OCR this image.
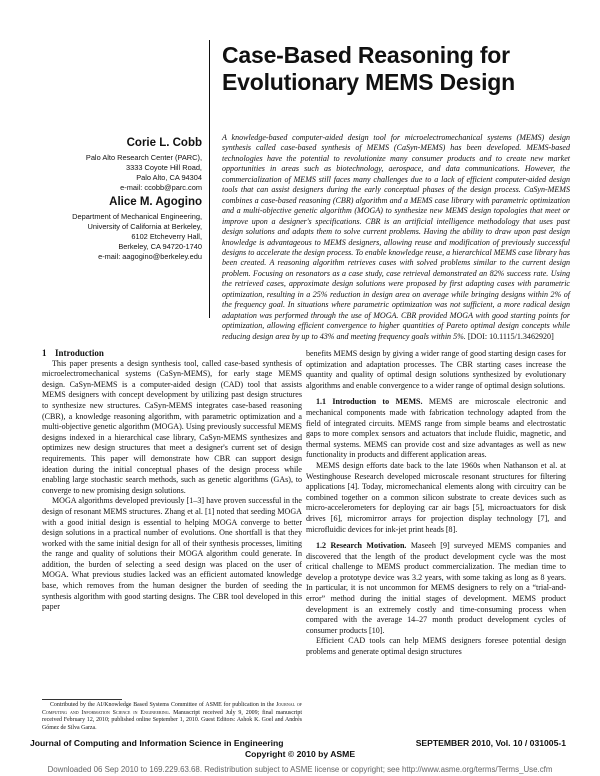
Case-Based Reasoning for
Evolutionary MEMS Design
Corie L. Cobb
Palo Alto Research Center (PARC),
3333 Coyote Hill Road,
Palo Alto, CA 94304
e-mail: ccobb@parc.com
Alice M. Agogino
Department of Mechanical Engineering,
University of California at Berkeley,
6102 Etcheverry Hall,
Berkeley, CA 94720-1740
e-mail: aagogino@berkeley.edu
A knowledge-based computer-aided design tool for microelectromechanical systems (MEMS) design synthesis called case-based synthesis of MEMS (CaSyn-MEMS) has been developed. MEMS-based technologies have the potential to revolutionize many consumer products and to create new market opportunities in areas such as biotechnology, aerospace, and data communications. However, the commercialization of MEMS still faces many challenges due to a lack of efficient computer-aided design tools that can assist designers during the early conceptual phases of the design process. CaSyn-MEMS combines a case-based reasoning (CBR) algorithm and a MEMS case library with parametric optimization and a multi-objective genetic algorithm (MOGA) to synthesize new MEMS design topologies that meet or improve upon a designer's specifications. CBR is an artificial intelligence methodology that uses past design solutions and adapts them to solve current problems. Having the ability to draw upon past design knowledge is advantageous to MEMS designers, allowing reuse and modification of previously successful designs to accelerate the design process. To enable knowledge reuse, a hierarchical MEMS case library has been created. A reasoning algorithm retrieves cases with solved problems similar to the current design problem. Focusing on resonators as a case study, case retrieval demonstrated an 82% success rate. Using the retrieved cases, approximate design solutions were proposed by first adapting cases with parametric optimization, resulting in a 25% reduction in design area on average while bringing designs within 2% of the frequency goal. In situations where parametric optimization was not sufficient, a more radical design adaptation was performed through the use of MOGA. CBR provided MOGA with good starting points for optimization, allowing efficient convergence to higher quantities of Pareto optimal design concepts while reducing design area by up to 43% and meeting frequency goals within 5%. [DOI: 10.1115/1.3462920]

1 Introduction

This paper presents a design synthesis tool, called case-based synthesis of microelectromechanical systems (CaSyn-MEMS), for early stage MEMS design. CaSyn-MEMS is a computer-aided design (CAD) tool that assists MEMS designers with concept development by utilizing past design structures to synthesize new structures. CaSyn-MEMS integrates case-based reasoning (CBR), a knowledge reasoning algorithm, with parametric optimization and a multi-objective genetic algorithm (MOGA). Using previously successful MEMS designs indexed in a hierarchical case library, CaSyn-MEMS synthesizes and optimizes new design structures that meet a designer's current set of design requirements. This paper will demonstrate how CBR can support design ideation during the initial conceptual phases of the design process while enabling large stochastic search methods, such as genetic algorithms (GAs), to converge to new promising design solutions.

MOGA algorithms developed previously [1–3] have proven successful in the design of resonant MEMS structures. Zhang et al. [1] noted that seeding MOGA with a good initial design is essential to helping MOGA converge to better design solutions in a practical number of evolutions. One shortfall is that they worked with the same initial design for all of their synthesis processes, limiting the range and quality of solutions their MOGA algorithm could generate. In addition, the burden of selecting a seed design was placed on the user of MOGA. What previous studies lacked was an efficient automated knowledge base, which removes from the human designer the burden of seeding the synthesis algorithm with good starting designs. The CBR tool developed in this paper

benefits MEMS design by giving a wider range of good starting design cases for optimization and adaptation processes. The CBR starting cases increase the quantity and quality of optimal design solutions synthesized by evolutionary algorithms and enable convergence to a wider range of optimal design solutions.

1.1 Introduction to MEMS. MEMS are microscale electronic and mechanical components made with fabrication technology adapted from the field of integrated circuits. MEMS range from simple beams and electrostatic gaps to more complex sensors and actuators that include fluidic, magnetic, and thermal systems. MEMS can provide cost and size advantages as well as new functionality in products and different application areas.

MEMS design efforts date back to the late 1960s when Nathanson et al. at Westinghouse Research developed microscale resonant structures for filtering applications [4]. Today, micromechanical elements along with circuitry can be combined together on a common silicon substrate to create devices such as micro-accelerometers for deploying car air bags [5], microactuators for disk drives [6], micromirror arrays for projection display technology [7], and microfluidic devices for ink-jet print heads [8].

1.2 Research Motivation. Maseeh [9] surveyed MEMS companies and discovered that the length of the product development cycle was the most critical challenge to MEMS product commercialization. The median time to develop a prototype device was 3.2 years, with some taking as long as 8 years. In particular, it is not uncommon for MEMS designers to rely on a “trial-and-error” method during the initial stages of development. MEMS product development is an extremely costly and time-consuming process when compared with the average 14–27 month product development cycles of consumer products [10].

Efficient CAD tools can help MEMS designers foresee potential design problems and generate optimal design structures

Contributed by the AI/Knowledge Based Systems Committee of ASME for publication in the Journal of Computing and Information Science in Engineering. Manuscript received July 9, 2009; final manuscript received February 12, 2010; published online September 1, 2010. Guest Editors: Ashok K. Goel and Andrés Gómez de Silva Garza.
Journal of Computing and Information Science in Engineering	SEPTEMBER 2010, Vol. 10 / 031005-1
Copyright © 2010 by ASME
Downloaded 06 Sep 2010 to 169.229.63.68. Redistribution subject to ASME license or copyright; see http://www.asme.org/terms/Terms_Use.cfm
